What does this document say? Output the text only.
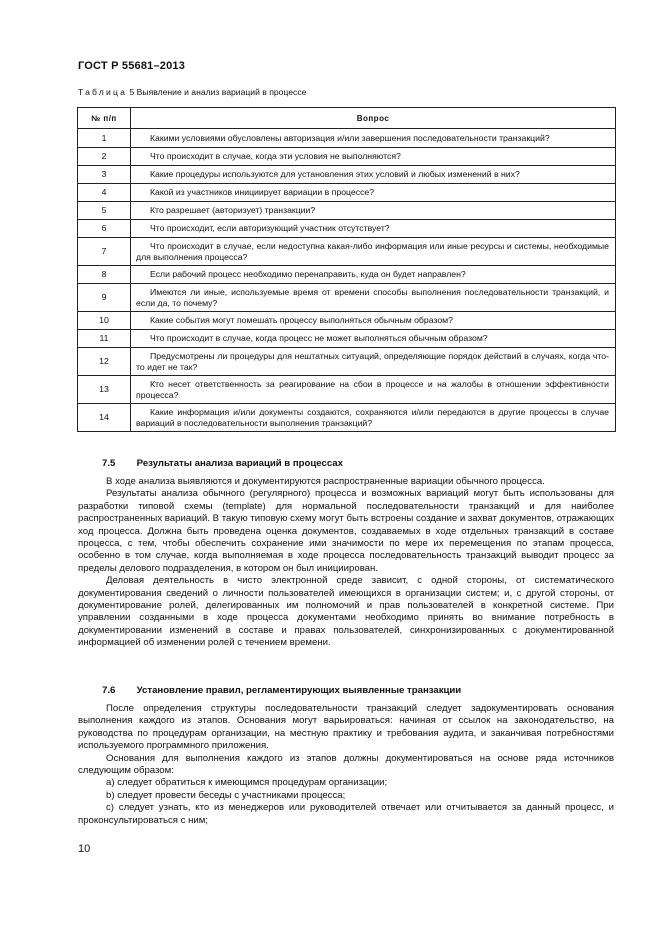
ГОСТ Р 55681–2013
Таблица 5 Выявление и анализ вариаций в процессе
№ п/п	Вопрос
1	Какими условиями обусловлены авторизация и/или завершения последовательности транзакций?
2	Что происходит в случае, когда эти условия не выполняются?
3	Какие процедуры используются для установления этих условий и любых изменений в них?
4	Какой из участников инициирует вариации в процессе?
5	Кто разрешает (авторизует) транзакции?
6	Что происходит, если авторизующий участник отсутствует?
7	Что происходит в случае, если недоступна какая-либо информация или иные ресурсы и системы, необходимые для выполнения процесса?
8	Если рабочий процесс необходимо перенаправить, куда он будет направлен?
9	Имеются ли иные, используемые время от времени способы выполнения последовательности транзакций, и если да, то почему?
10	Какие события могут помешать процессу выполняться обычным образом?
11	Что происходит в случае, когда процесс не может выполняться обычным образом?
12	Предусмотрены ли процедуры для нештатных ситуаций, определяющие порядок действий в случаях, когда что-то идет не так?
13	Кто несет ответственность за реагирование на сбои в процессе и на жалобы в отношении эффективности процесса?
14	Какие информация и/или документы создаются, сохраняются и/или передаются в другие процессы в случае вариаций в последовательности выполнения транзакций?
7.5 Результаты анализа вариаций в процессах

В ходе анализа выявляются и документируются распространенные вариации обычного процесса.

Результаты анализа обычного (регулярного) процесса и возможных вариаций могут быть использованы для разработки типовой схемы (template) для нормальной последовательности транзакций и для наиболее распространенных вариаций. В такую типовую схему могут быть встроены создание и захват документов, отражающих ход процесса. Должна быть проведена оценка документов, создаваемых в ходе отдельных транзакций в составе процесса, с тем, чтобы обеспечить сохранение ими значимости по мере их перемещения по этапам процесса, особенно в том случае, когда выполняемая в ходе процесса последовательность транзакций выводит процесс за пределы делового подразделения, в котором он был инициирован.

Деловая деятельность в чисто электронной среде зависит, с одной стороны, от систематического документирования сведений о личности пользователей имеющихся в организации систем; и, с другой стороны, от документирование ролей, делегированных им полномочий и прав пользователей в конкретной системе. При управлении созданными в ходе процесса документами необходимо принять во внимание потребность в документировании изменений в составе и правах пользователей, синхронизированных с документированной информацией об изменении ролей с течением времени.

7.6 Установление правил, регламентирующих выявленные транзакции

После определения структуры последовательности транзакций следует задокументировать основания выполнения каждого из этапов. Основания могут варьироваться: начиная от ссылок на законодательство, на руководства по процедурам организации, на местную практику и требования аудита, и заканчивая потребностями используемого программного приложения.

Основания для выполнения каждого из этапов должны документироваться на основе ряда источников следующим образом:

a) следует обратиться к имеющимся процедурам организации;

b) следует провести беседы с участниками процесса;

c) следует узнать, кто из менеджеров или руководителей отвечает или отчитывается за данный процесс, и проконсультироваться с ним;

10
